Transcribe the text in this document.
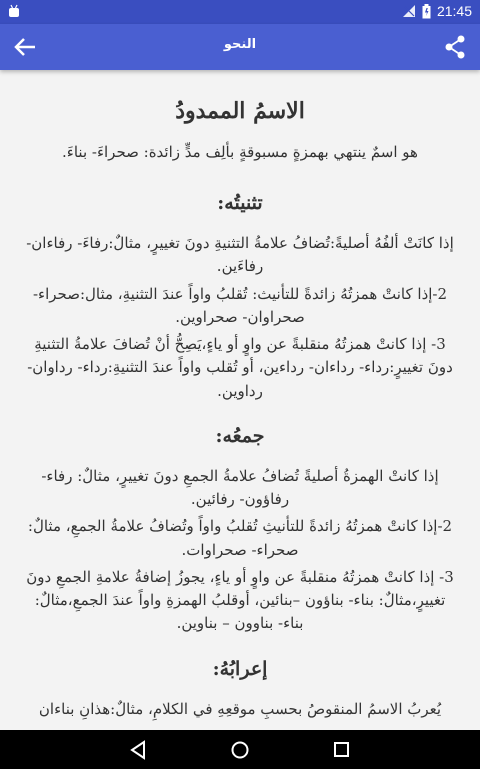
21:45
النحو
الاسمُ الممدودُ

هو اسمٌ ينتهي بهمزةٍ مسبوقةٍ بألِف مدٍّ زائدة: صحراءَ- بناءَ.

تثنيتُه:

إذا كانَتْ ألفُهُ أصليةً:تُضافُ علامةُ التثنيةِ دونَ تغييرٍ، مثالٌ:رفاءَ- رفاءان- رفاءَين.

2-إذا كانتْ همزتُهُ زائدةً للتأنيث: تُقلبُ واواً عندَ التثنيةِ، مثال:صحراء- صحراوان- صحراوين.

3- إذا كانتْ همزتُهُ منقلبةً عن واوٍ أو ياءٍ،يَصِحُّ أنْ تُضافَ علامةُ التثنيةِ دونَ تغييرٍ:رداء- رداءان- رداءين، أو تُقلب واواً عندَ التثنيةِ:رداء- رداوان- رداوين.

جمعُه:

إذا كانتْ الهمزةُ أصليةً تُضافُ علامةُ الجمعِ دونَ تغييرٍ، مثالٌ: رفاء- رفاؤون- رفائين.

2-إذا كانتْ همزتُهُ زائدةً للتأنيثِ تُقلبُ واواً وتُضافُ علامةُ الجمعِ، مثالٌ: صحراء- صحراوات.

3- إذا كانتْ همزتُهُ منقلبةً عن واوٍ أو ياءٍ، يجوزُ إضافةُ علامةِ الجمعِ دونَ تغييرٍ،مثالٌ: بناء- بناؤون –بنائين، أوقلبُ الهمزةِ واواً عندَ الجمعِ،مثالٌ: بناء- بناوون – بناوين.

إعرابُهُ:

يُعربُ الاسمُ المنقوصُ بحسبِ موقعِهِ في الكلامِ، مثالٌ:هذانِ بناءان
